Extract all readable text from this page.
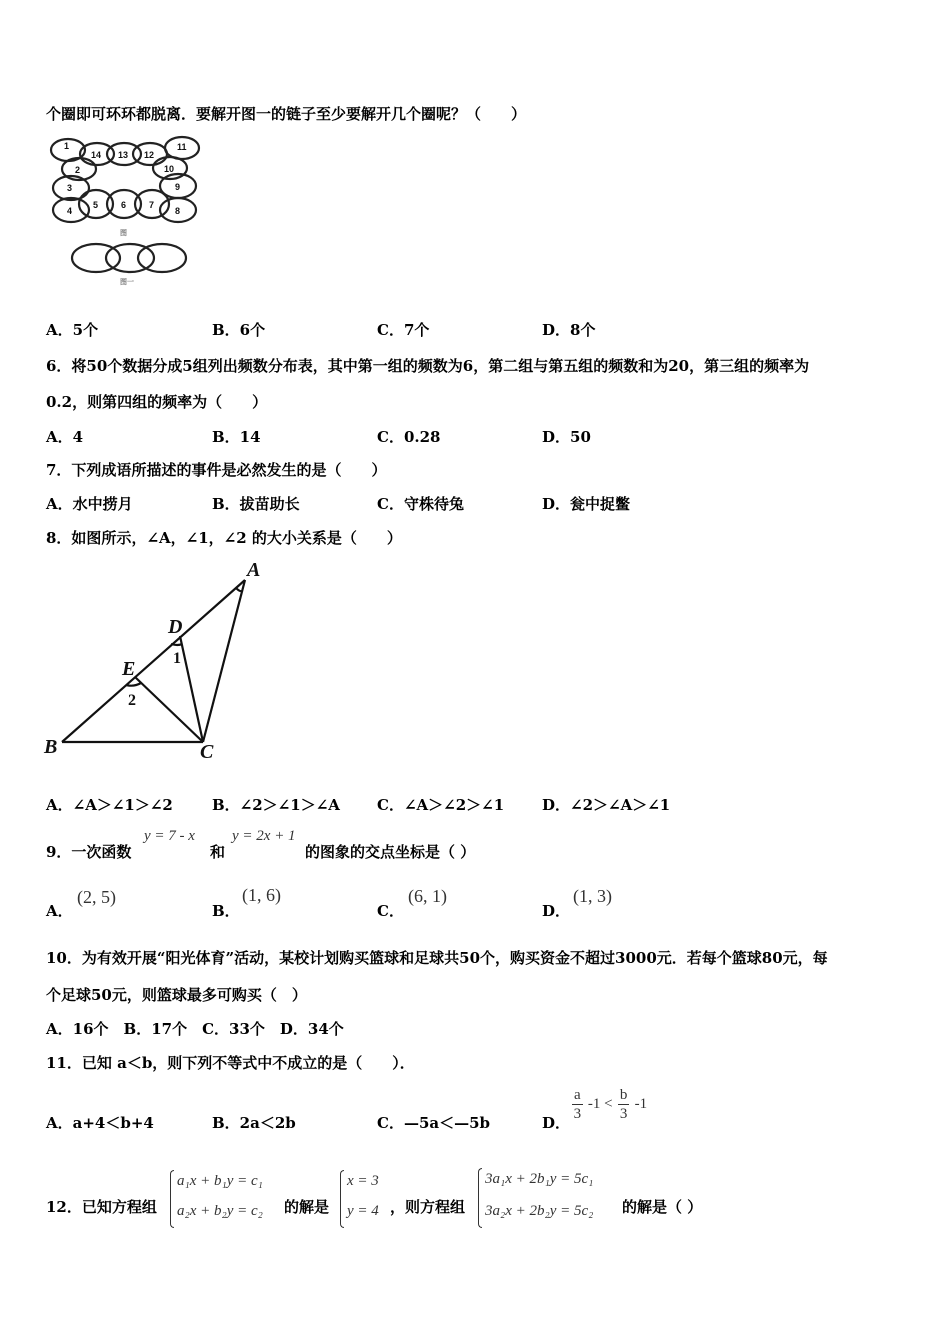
个圈即可环环都脱离．要解开图一的链子至少要解开几个圈呢？（　　）
1
14 13 12
11
2	10
3	9
4
5	6	7
8
图
图一
A．5个	B．6个	C．7个	D．8个
6．将50个数据分成5组列出频数分布表，其中第一组的频数为6，第二组与第五组的频数和为20，第三组的频率为
0.2，则第四组的频率为（　　）
A．4	B．14	C．0.28	D．50
7．下列成语所描述的事件是必然发生的是（　　）
A．水中捞月	B．拔苗助长	C．守株待兔	D．瓮中捉鳖
8．如图所示，∠A，∠1，∠2 的大小关系是（　　）
A
D
E
B	C
1
2
A．∠A＞∠1＞∠2	B．∠2＞∠1＞∠A C．∠A＞∠2＞∠1	D．∠2＞∠A＞∠1
9．一次函数
y = 7 - x
和
y = 2x + 1
的图象的交点坐标是（ ）
A．
(2, 5)
B．
(1, 6)
C．
(6, 1)
D．
(1, 3)
10．为有效开展“阳光体育”活动，某校计划购买篮球和足球共50个，购买资金不超过3000元．若每个篮球80元，每
个足球50元，则篮球最多可购买（　）
A．16个　B．17个　C．33个　D．34个
11．已知 a＜b，则下列不等式中不成立的是（　　）．
A．a+4＜b+4	B．2a＜2b	C．—5a＜—5b	D． $\frac{a}{3} -1 < \frac{b}{3} -1$
12．已知方程组
a₁x + b₁y = c₁
a₂x + b₂y = c₂ 的解是
x = 3
y = 4 ，则方程组
3a₁x + 2b₁y = 5c₁
3a₂x + 2b₂y = 5c₂ 的解是（ ）
